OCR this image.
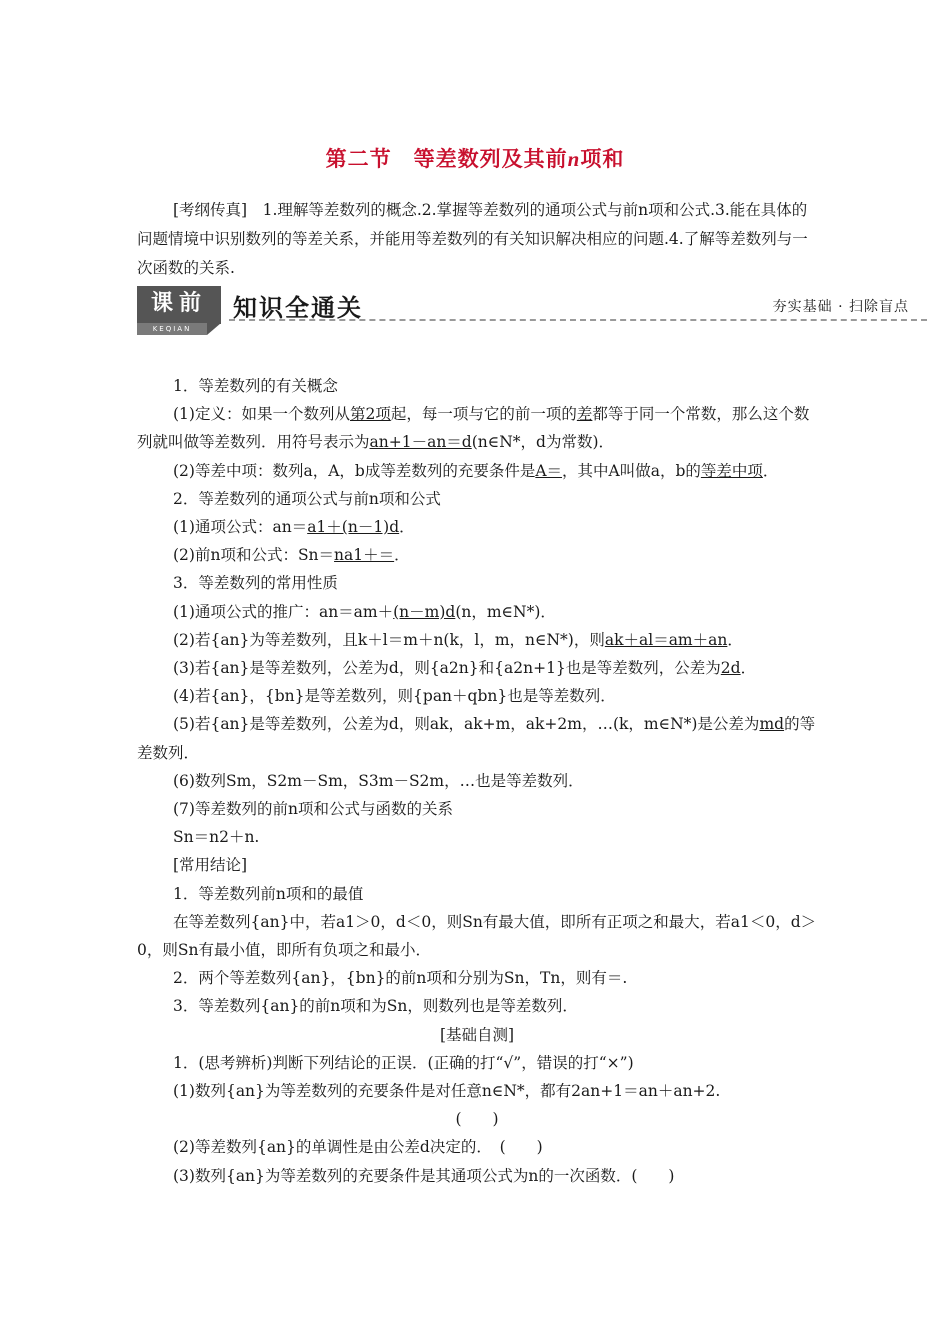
第二节　等差数列及其前n项和
[考纲传真]　1.理解等差数列的概念.2.掌握等差数列的通项公式与前n项和公式.3.能在具体的问题情境中识别数列的等差关系，并能用等差数列的有关知识解决相应的问题.4.了解等差数列与一次函数的关系.
课前
KEQIAN
知识全通关	夯实基础 · 扫除盲点

1．等差数列的有关概念

(1)定义：如果一个数列从第2项起，每一项与它的前一项的差都等于同一个常数，那么这个数列就叫做等差数列．用符号表示为an+1－an＝d(n∈N*，d为常数)．

(2)等差中项：数列a，A，b成等差数列的充要条件是A＝，其中A叫做a，b的等差中项．

2．等差数列的通项公式与前n项和公式

(1)通项公式：an＝a1＋(n－1)d．

(2)前n项和公式：Sn＝na1＋＝．

3．等差数列的常用性质

(1)通项公式的推广：an＝am＋(n－m)d(n，m∈N*)．

(2)若{an}为等差数列，且k＋l＝m＋n(k，l，m，n∈N*)，则ak＋al＝am＋an．

(3)若{an}是等差数列，公差为d，则{a2n}和{a2n+1}也是等差数列，公差为2d．

(4)若{an}，{bn}是等差数列，则{pan＋qbn}也是等差数列．

(5)若{an}是等差数列，公差为d，则ak，ak+m，ak+2m，…(k，m∈N*)是公差为md的等差数列．

(6)数列Sm，S2m－Sm，S3m－S2m，…也是等差数列．

(7)等差数列的前n项和公式与函数的关系

Sn＝n2＋n.

[常用结论]

1．等差数列前n项和的最值

在等差数列{an}中，若a1＞0，d＜0，则Sn有最大值，即所有正项之和最大，若a1＜0，d＞0，则Sn有最小值，即所有负项之和最小．

2．两个等差数列{an}，{bn}的前n项和分别为Sn，Tn，则有＝.

3．等差数列{an}的前n项和为Sn，则数列也是等差数列．

[基础自测]

1．(思考辨析)判断下列结论的正误．(正确的打“√”，错误的打“×”)

(1)数列{an}为等差数列的充要条件是对任意n∈N*，都有2an+1＝an＋an+2.

(　　)

(2)等差数列{an}的单调性是由公差d决定的．　(　　)

(3)数列{an}为等差数列的充要条件是其通项公式为n的一次函数．(　　)
